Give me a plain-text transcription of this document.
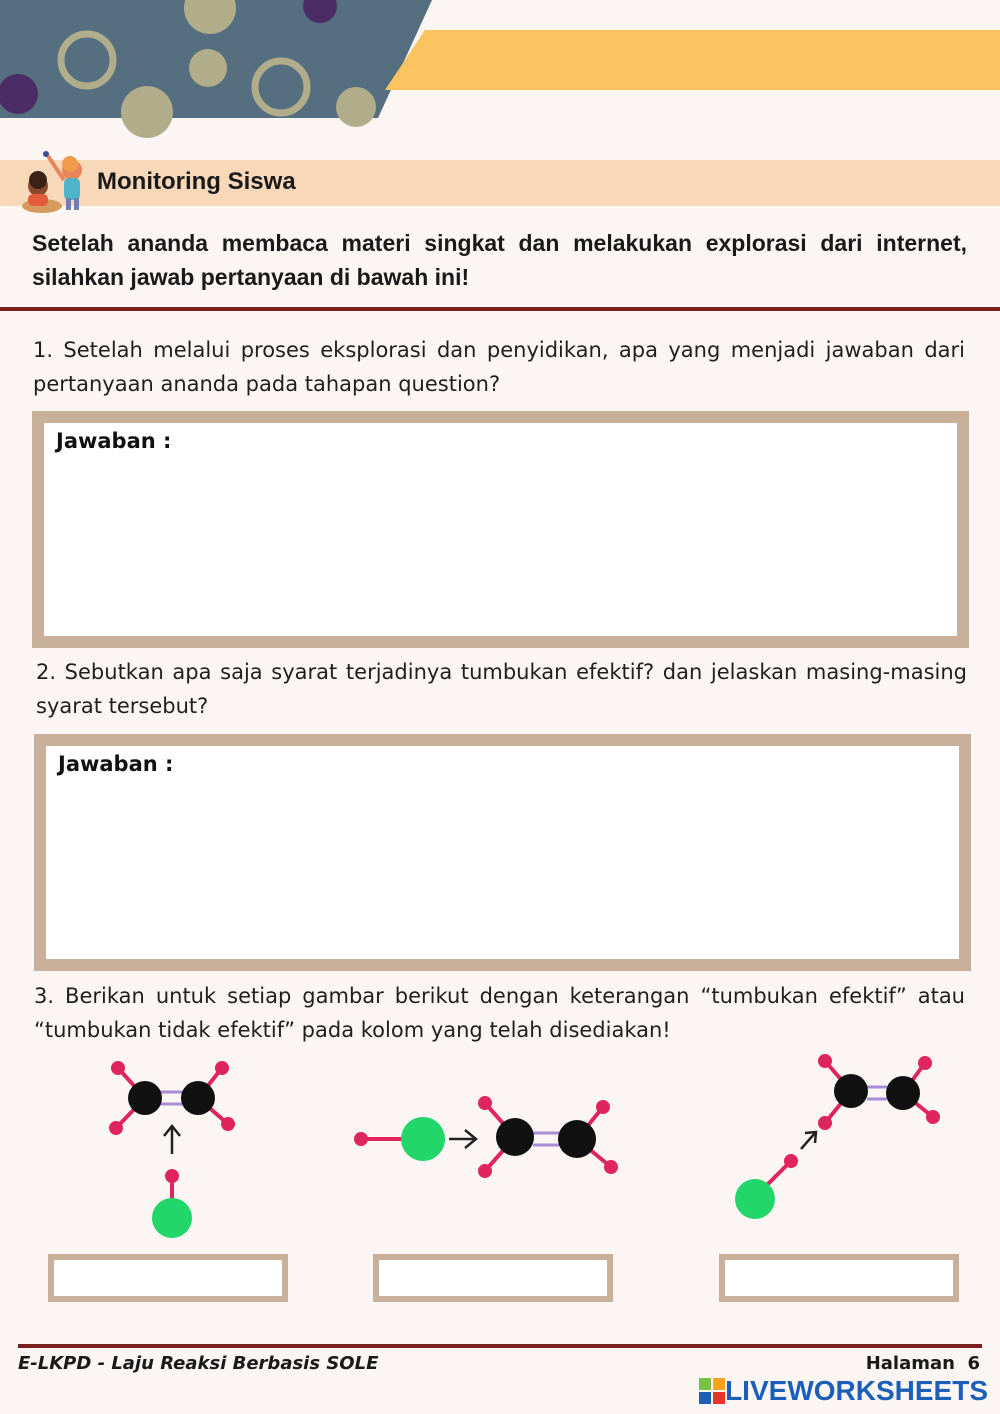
Monitoring Siswa
Setelah ananda membaca materi singkat dan melakukan explorasi dari internet, silahkan jawab pertanyaan di bawah ini!
1. Setelah melalui proses eksplorasi dan penyidikan, apa yang menjadi jawaban dari pertanyaan ananda pada tahapan question?
Jawaban :
2. Sebutkan apa saja syarat terjadinya tumbukan efektif? dan jelaskan masing-masing syarat tersebut?
Jawaban :
3. Berikan untuk setiap gambar berikut dengan keterangan “tumbukan efektif” atau “tumbukan tidak efektif” pada kolom yang telah disediakan!
E-LKPD - Laju Reaksi Berbasis SOLE	Halaman  6
LIVEWORKSHEETS
